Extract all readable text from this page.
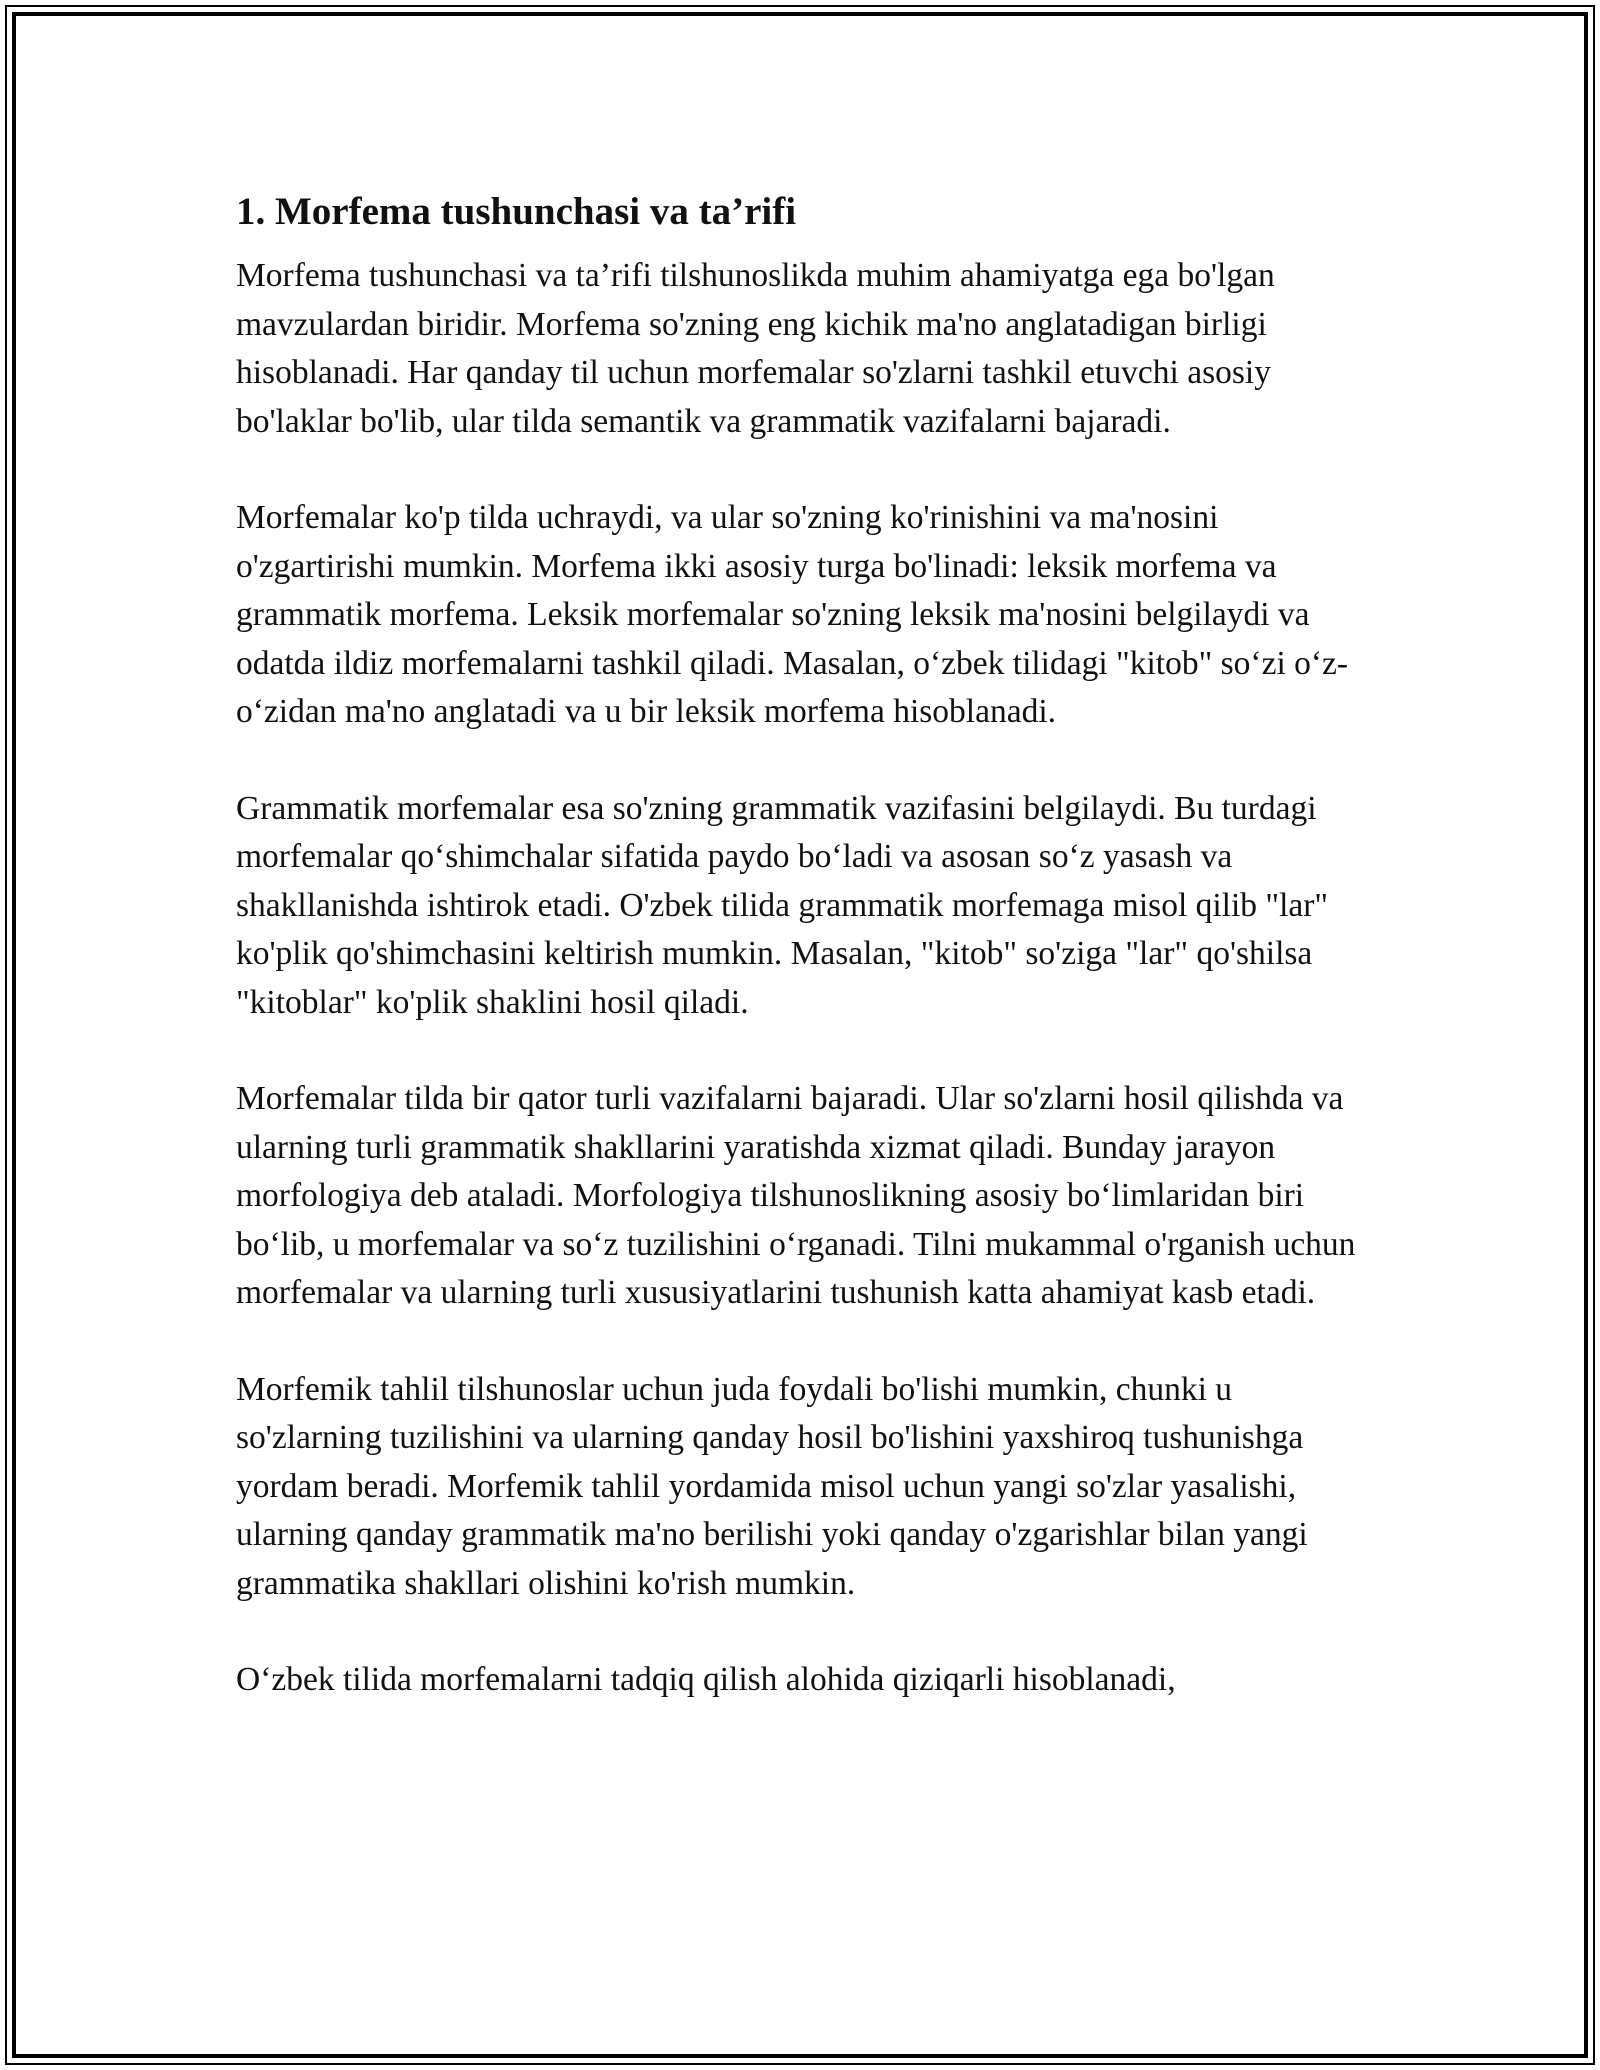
1. Morfema tushunchasi va ta’rifi

Morfema tushunchasi va ta’rifi tilshunoslikda muhim ahamiyatga ega bo'lgan mavzulardan biridir. Morfema so'zning eng kichik ma'no anglatadigan birligi hisoblanadi. Har qanday til uchun morfemalar so'zlarni tashkil etuvchi asosiy bo'laklar bo'lib, ular tilda semantik va grammatik vazifalarni bajaradi.

Morfemalar ko'p tilda uchraydi, va ular so'zning ko'rinishini va ma'nosini o'zgartirishi mumkin. Morfema ikki asosiy turga bo'linadi: leksik morfema va grammatik morfema. Leksik morfemalar so'zning leksik ma'nosini belgilaydi va odatda ildiz morfemalarni tashkil qiladi. Masalan, o‘zbek tilidagi "kitob" so‘zi o‘z- o‘zidan ma'no anglatadi va u bir leksik morfema hisoblanadi.

Grammatik morfemalar esa so'zning grammatik vazifasini belgilaydi. Bu turdagi morfemalar qo‘shimchalar sifatida paydo bo‘ladi va asosan so‘z yasash va shakllanishda ishtirok etadi. O'zbek tilida grammatik morfemaga misol qilib "lar" ko'plik qo'shimchasini keltirish mumkin. Masalan, "kitob" so'ziga "lar" qo'shilsa "kitoblar" ko'plik shaklini hosil qiladi.

Morfemalar tilda bir qator turli vazifalarni bajaradi. Ular so'zlarni hosil qilishda va ularning turli grammatik shakllarini yaratishda xizmat qiladi. Bunday jarayon morfologiya deb ataladi. Morfologiya tilshunoslikning asosiy bo‘limlaridan biri bo‘lib, u morfemalar va so‘z tuzilishini o‘rganadi. Tilni mukammal o'rganish uchun morfemalar va ularning turli xususiyatlarini tushunish katta ahamiyat kasb etadi.

Morfemik tahlil tilshunoslar uchun juda foydali bo'lishi mumkin, chunki u so'zlarning tuzilishini va ularning qanday hosil bo'lishini yaxshiroq tushunishga yordam beradi. Morfemik tahlil yordamida misol uchun yangi so'zlar yasalishi, ularning qanday grammatik ma'no berilishi yoki qanday o'zgarishlar bilan yangi grammatika shakllari olishini ko'rish mumkin.

O‘zbek tilida morfemalarni tadqiq qilish alohida qiziqarli hisoblanadi,
